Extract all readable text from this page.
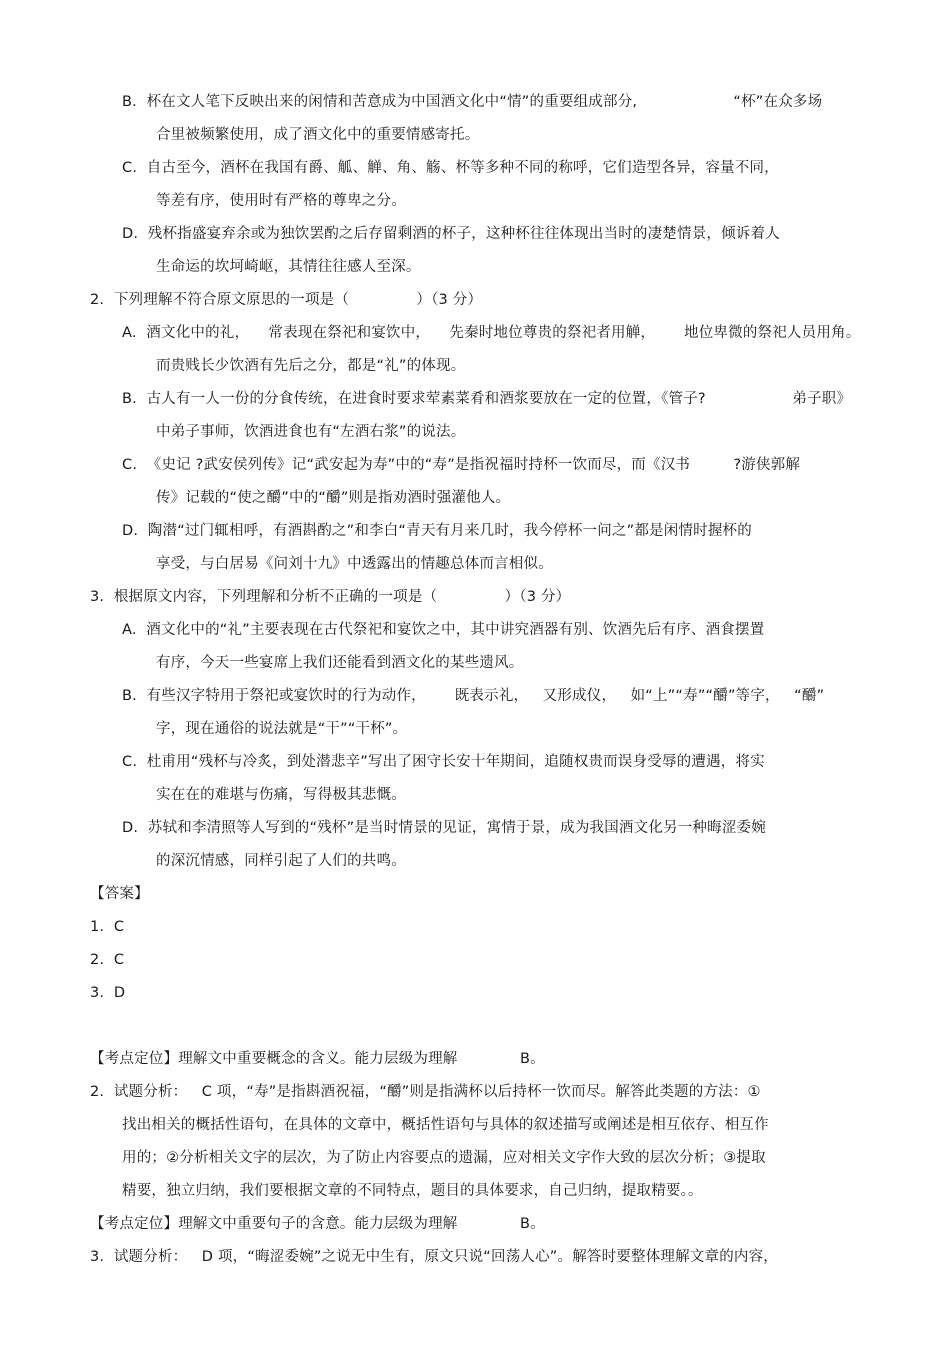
B.  杯在文人笔下反映出来的闲情和苦意成为中国酒文化中“情”的重要组成部分,                    “杯”在众多场
合里被频繁使用，成了酒文化中的重要情感寄托。
C.  自古至今，酒杯在我国有爵、觚、觯、角、觞、杯等多种不同的称呼，它们造型各异，容量不同，
等差有序，使用时有严格的尊卑之分。
D.  残杯指盛宴弃余或为独饮罢酌之后存留剩酒的杯子，这种杯往往体现出当时的凄楚情景，倾诉着人
生命运的坎坷崎岖，其情往往感人至深。
2.  下列理解不符合原文原思的一项是（              ）（3 分）
A.  酒文化中的礼，    常表现在祭祀和宴饮中，    先秦时地位尊贵的祭祀者用觯，      地位卑微的祭祀人员用角。
而贵贱长少饮酒有先后之分，都是“礼”的体现。
B.  古人有一人一份的分食传统，在进食时要求荤素菜肴和酒浆要放在一定的位置，《管子?                  弟子职》
中弟子事师，饮酒进食也有“左酒右浆”的说法。
C.  《史记 ?武安侯列传》记“武安起为寿”中的“寿”是指祝福时持杯一饮而尽，而《汉书         ?游侠郭解
传》记载的“使之釂”中的“釂”则是指劝酒时强灌他人。
D.  陶潜“过门辄相呼，有酒斟酌之”和李白“青天有月来几时，我今停杯一问之”都是闲情时握杯的
享受，与白居易《问刘十九》中透露出的情趣总体而言相似。
3.  根据原文内容，下列理解和分析不正确的一项是（              ）（3 分）
A.  酒文化中的“礼”主要表现在古代祭祀和宴饮之中，其中讲究酒器有别、饮酒先后有序、酒食摆置
有序，今天一些宴席上我们还能看到酒文化的某些遗风。
B.  有些汉字特用于祭祀或宴饮时的行为动作，      既表示礼，   又形成仪，   如“上”“寿”“釂”等字，   “釂”
字，现在通俗的说法就是“干”“干杯”。
C.  杜甫用“残杯与冷炙，到处潜悲辛”写出了困守长安十年期间，追随权贵而误身受辱的遭遇，将实
实在在的难堪与伤痛，写得极其悲慨。
D.  苏轼和李清照等人写到的“残杯”是当时情景的见证，寓情于景，成为我国酒文化另一种晦涩委婉
的深沉情感，同样引起了人们的共鸣。
【答案】
1.  C
2.  C
3.  D
【考点定位】理解文中重要概念的含义。能力层级为理解             B。
2.  试题分析：   C 项，“寿”是指斟酒祝福，“釂”则是指满杯以后持杯一饮而尽。解答此类题的方法：①
找出相关的概括性语句，在具体的文章中，概括性语句与具体的叙述描写或阐述是相互依存、相互作
用的；②分析相关文字的层次，为了防止内容要点的遗漏，应对相关文字作大致的层次分析；③提取
精要，独立归纳，我们要根据文章的不同特点，题目的具体要求，自己归纳，提取精要。。
【考点定位】理解文中重要句子的含意。能力层级为理解             B。
3.  试题分析：   D 项，“晦涩委婉”之说无中生有，原文只说“回荡人心”。解答时要整体理解文章的内容，
